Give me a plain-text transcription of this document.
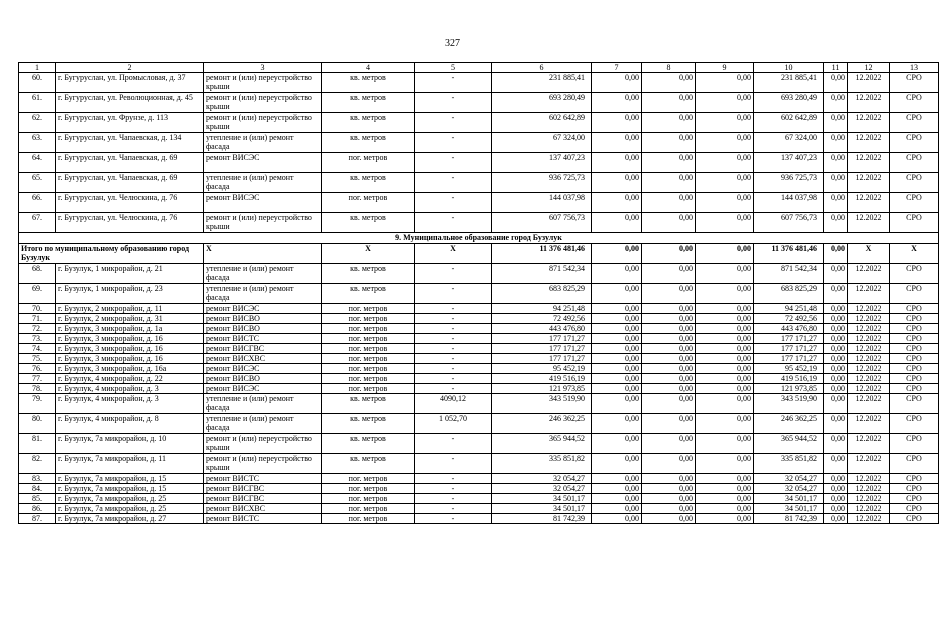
327
1	2	3	4	5	6	7	8	9	10	11	12	13
60.	г. Бугуруслан, ул. Промысловая, д. 37	ремонт и (или) переустройство крыши	кв. метров	-	231 885,41	0,00	0,00	0,00	231 885,41	0,00	12.2022	СРО
61.	г. Бугуруслан, ул. Революционная, д. 45	ремонт и (или) переустройство крыши	кв. метров	-	693 280,49	0,00	0,00	0,00	693 280,49	0,00	12.2022	СРО
62.	г. Бугуруслан, ул. Фрунзе, д. 113	ремонт и (или) переустройство крыши	кв. метров	-	602 642,89	0,00	0,00	0,00	602 642,89	0,00	12.2022	СРО
63.	г. Бугуруслан, ул. Чапаевская, д. 134	утепление и (или) ремонт фасада	кв. метров	-	67 324,00	0,00	0,00	0,00	67 324,00	0,00	12.2022	СРО
64.	г. Бугуруслан, ул. Чапаевская, д. 69	ремонт ВИСЭС	пог. метров	-	137 407,23	0,00	0,00	0,00	137 407,23	0,00	12.2022	СРО
65.	г. Бугуруслан, ул. Чапаевская, д. 69	утепление и (или) ремонт фасада	кв. метров	-	936 725,73	0,00	0,00	0,00	936 725,73	0,00	12.2022	СРО
66.	г. Бугуруслан, ул. Челюскина, д. 76	ремонт ВИСЭС	пог. метров	-	144 037,98	0,00	0,00	0,00	144 037,98	0,00	12.2022	СРО
67.	г. Бугуруслан, ул. Челюскина, д. 76	ремонт и (или) переустройство крыши	кв. метров	-	607 756,73	0,00	0,00	0,00	607 756,73	0,00	12.2022	СРО
9. Муниципальное образование город Бузулук												
Итого по муниципальному образованию город Бузулук		X	X	X	11 376 481,46	0,00	0,00	0,00	11 376 481,46	0,00	X	X
68.	г. Бузулук, 1 микрорайон, д. 21	утепление и (или) ремонт фасада	кв. метров	-	871 542,34	0,00	0,00	0,00	871 542,34	0,00	12.2022	СРО
69.	г. Бузулук, 1 микрорайон, д. 23	утепление и (или) ремонт фасада	кв. метров	-	683 825,29	0,00	0,00	0,00	683 825,29	0,00	12.2022	СРО
70.	г. Бузулук, 2 микрорайон, д. 11	ремонт ВИСЭС	пог. метров	-	94 251,48	0,00	0,00	0,00	94 251,48	0,00	12.2022	СРО
71.	г. Бузулук, 2 микрорайон, д. 31	ремонт ВИСВО	пог. метров	-	72 492,56	0,00	0,00	0,00	72 492,56	0,00	12.2022	СРО
72.	г. Бузулук, 3 микрорайон, д. 1а	ремонт ВИСВО	пог. метров	-	443 476,80	0,00	0,00	0,00	443 476,80	0,00	12.2022	СРО
73.	г. Бузулук, 3 микрорайон, д. 16	ремонт ВИСТС	пог. метров	-	177 171,27	0,00	0,00	0,00	177 171,27	0,00	12.2022	СРО
74.	г. Бузулук, 3 микрорайон, д. 16	ремонт ВИСГВС	пог. метров	-	177 171,27	0,00	0,00	0,00	177 171,27	0,00	12.2022	СРО
75.	г. Бузулук, 3 микрорайон, д. 16	ремонт ВИСХВС	пог. метров	-	177 171,27	0,00	0,00	0,00	177 171,27	0,00	12.2022	СРО
76.	г. Бузулук, 3 микрорайон, д. 16а	ремонт ВИСЭС	пог. метров	-	95 452,19	0,00	0,00	0,00	95 452,19	0,00	12.2022	СРО
77.	г. Бузулук, 4 микрорайон, д. 22	ремонт ВИСВО	пог. метров	-	419 516,19	0,00	0,00	0,00	419 516,19	0,00	12.2022	СРО
78.	г. Бузулук, 4 микрорайон, д. 3	ремонт ВИСЭС	пог. метров	-	121 973,85	0,00	0,00	0,00	121 973,85	0,00	12.2022	СРО
79.	г. Бузулук, 4 микрорайон, д. 3	утепление и (или) ремонт фасада	кв. метров	4090,12	343 519,90	0,00	0,00	0,00	343 519,90	0,00	12.2022	СРО
80.	г. Бузулук, 4 микрорайон, д. 8	утепление и (или) ремонт фасада	кв. метров	1 052,70	246 362,25	0,00	0,00	0,00	246 362,25	0,00	12.2022	СРО
81.	г. Бузулук, 7а микрорайон, д. 10	ремонт и (или) переустройство крыши	кв. метров	-	365 944,52	0,00	0,00	0,00	365 944,52	0,00	12.2022	СРО
82.	г. Бузулук, 7а микрорайон, д. 11	ремонт и (или) переустройство крыши	кв. метров	-	335 851,82	0,00	0,00	0,00	335 851,82	0,00	12.2022	СРО
83.	г. Бузулук, 7а микрорайон, д. 15	ремонт ВИСТС	пог. метров	-	32 054,27	0,00	0,00	0,00	32 054,27	0,00	12.2022	СРО
84.	г. Бузулук, 7а микрорайон, д. 15	ремонт ВИСГВС	пог. метров	-	32 054,27	0,00	0,00	0,00	32 054,27	0,00	12.2022	СРО
85.	г. Бузулук, 7а микрорайон, д. 25	ремонт ВИСГВС	пог. метров	-	34 501,17	0,00	0,00	0,00	34 501,17	0,00	12.2022	СРО
86.	г. Бузулук, 7а микрорайон, д. 25	ремонт ВИСХВС	пог. метров	-	34 501,17	0,00	0,00	0,00	34 501,17	0,00	12.2022	СРО
87.	г. Бузулук, 7а микрорайон, д. 27	ремонт ВИСТС	пог. метров	-	81 742,39	0,00	0,00	0,00	81 742,39	0,00	12.2022	СРО
